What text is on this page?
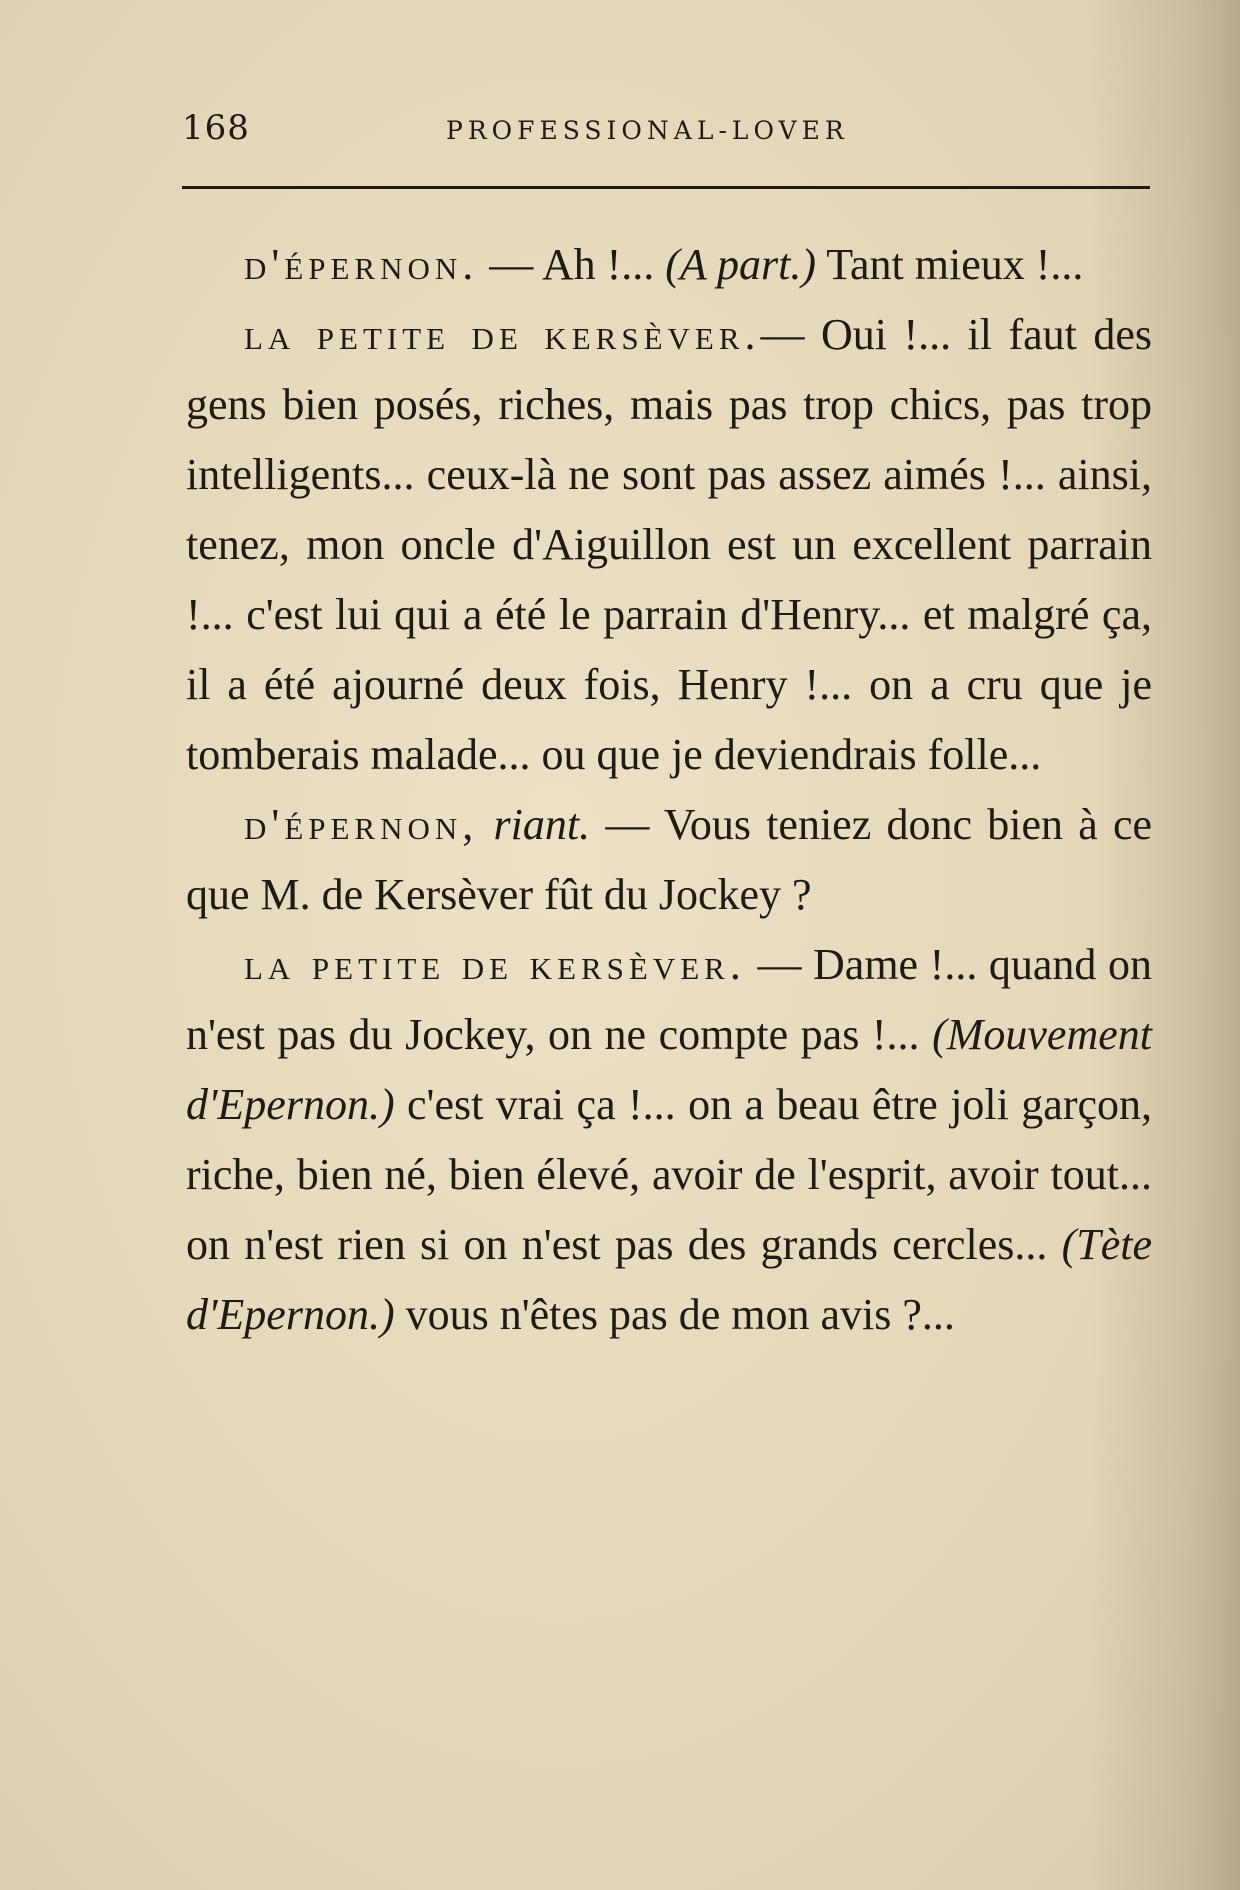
168	PROFESSIONAL-LOVER

d'épernon. — Ah !... (A part.) Tant mieux !...

la petite de kersèver.— Oui !... il faut des gens bien posés, riches, mais pas trop chics, pas trop intelligents... ceux-là ne sont pas assez aimés !... ainsi, tenez, mon oncle d'Aiguillon est un excellent parrain !... c'est lui qui a été le parrain d'Henry... et malgré ça, il a été ajourné deux fois, Henry !... on a cru que je tomberais malade... ou que je deviendrais folle...

d'épernon, riant. — Vous teniez donc bien à ce que M. de Kersèver fût du Jockey ?

la petite de kersèver. — Dame !... quand on n'est pas du Jockey, on ne compte pas !... (Mouvement d'Epernon.) c'est vrai ça !... on a beau être joli garçon, riche, bien né, bien élevé, avoir de l'esprit, avoir tout... on n'est rien si on n'est pas des grands cercles... (Tète d'Epernon.) vous n'êtes pas de mon avis ?...
